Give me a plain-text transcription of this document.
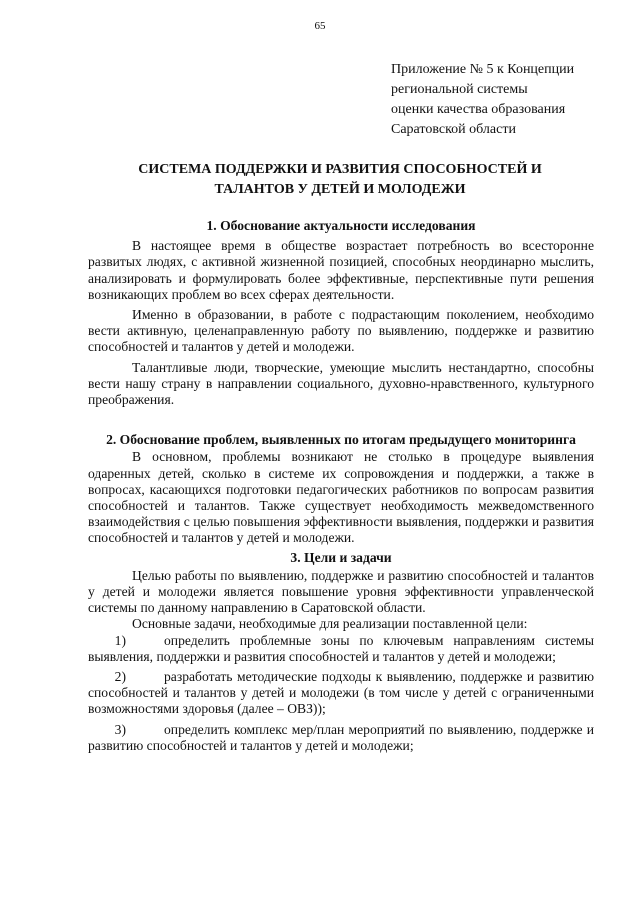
65
Приложение № 5 к Концепции
региональной системы
оценки качества образования
Саратовской области
СИСТЕМА ПОДДЕРЖКИ И РАЗВИТИЯ СПОСОБНОСТЕЙ И
ТАЛАНТОВ У ДЕТЕЙ И МОЛОДЕЖИ
1. Обоснование актуальности исследования

В настоящее время в обществе возрастает потребность во всесторонне развитых людях, с активной жизненной позицией, способных неординарно мыслить, анализировать и формулировать более эффективные, перспективные пути решения возникающих проблем во всех сферах деятельности.

Именно в образовании, в работе с подрастающим поколением, необходимо вести активную, целенаправленную работу по выявлению, поддержке и развитию способностей и талантов у детей и молодежи.

Талантливые люди, творческие, умеющие мыслить нестандартно, способны вести нашу страну в направлении социального, духовно-нравственного, культурного преображения.

2. Обоснование проблем, выявленных по итогам предыдущего мониторинга

В основном, проблемы возникают не столько в процедуре выявления одаренных детей, сколько в системе их сопровождения и поддержки, а также в вопросах, касающихся подготовки педагогических работников по вопросам развития способностей и талантов. Также существует необходимость межведомственного взаимодействия с целью повышения эффективности выявления, поддержки и развития способностей и талантов у детей и молодежи.

3. Цели и задачи

Целью работы по выявлению, поддержке и развитию способностей и талантов у детей и молодежи является повышение уровня эффективности управленческой системы по данному направлению в Саратовской области.

Основные задачи, необходимые для реализации поставленной цели:

1)	определить проблемные зоны по ключевым направлениям системы выявления, поддержки и развития способностей и талантов у детей и молодежи;

2)	разработать методические подходы к выявлению, поддержке и развитию способностей и талантов у детей и молодежи (в том числе у детей с ограниченными возможностями здоровья (далее – ОВЗ));

3)	определить комплекс мер/план мероприятий по выявлению, поддержке и развитию способностей и талантов у детей и молодежи;
